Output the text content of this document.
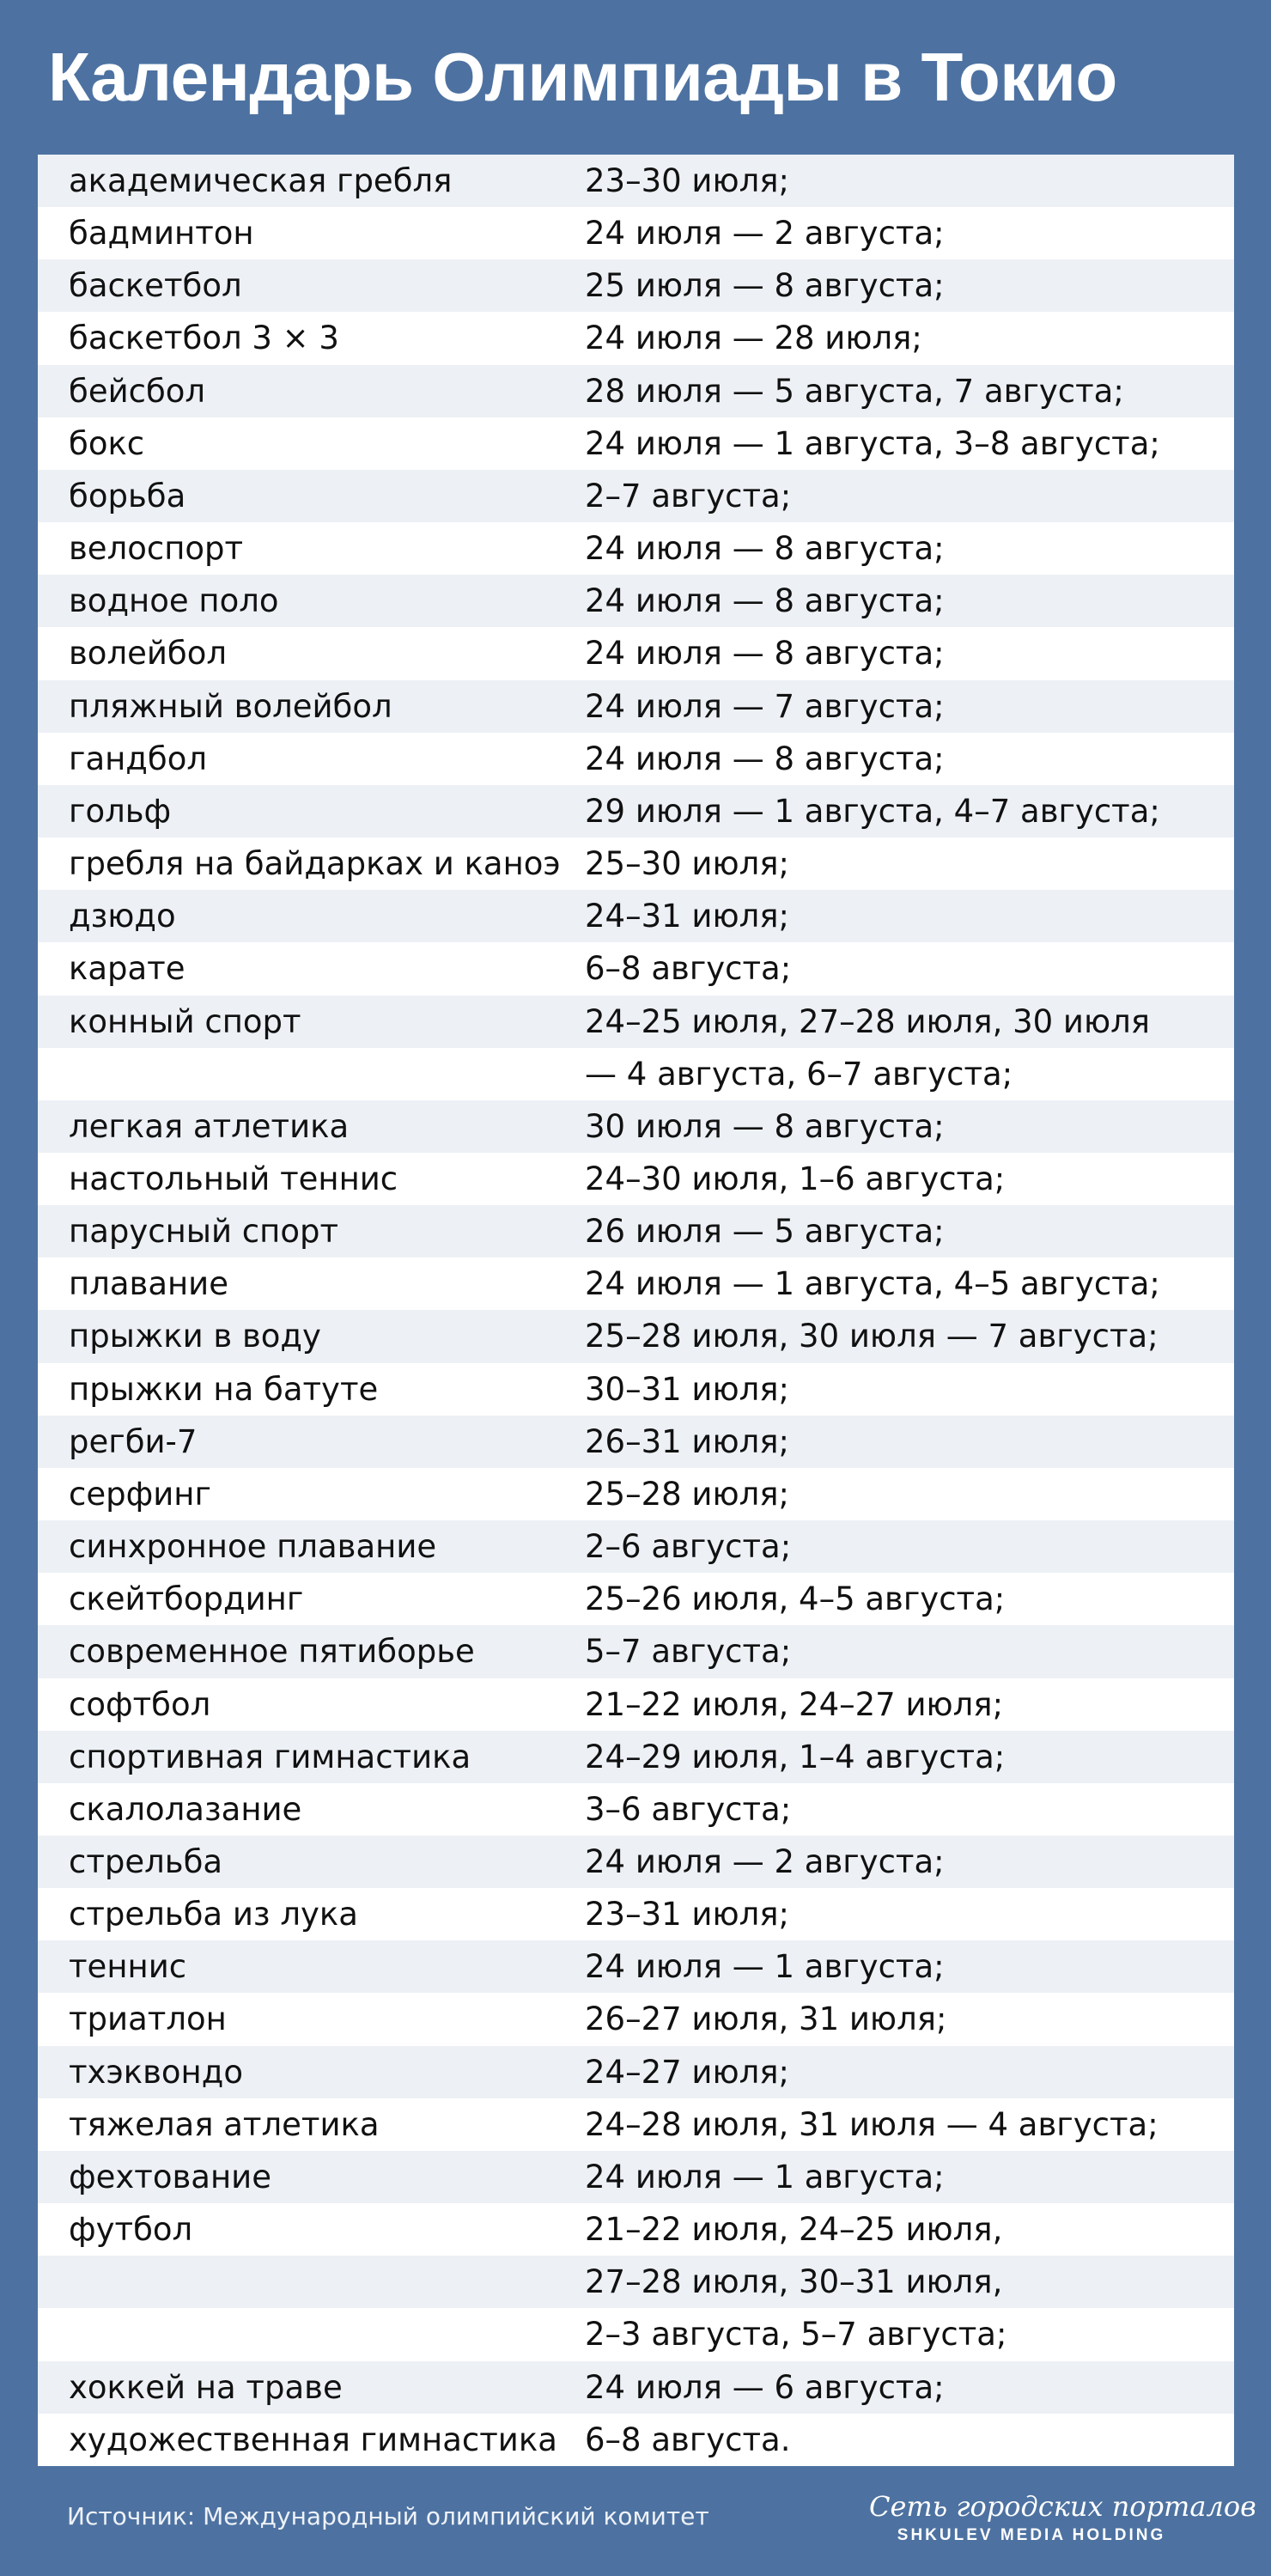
Календарь Олимпиады в Токио
академическая гребля	23–30 июля;
бадминтон	24 июля — 2 августа;
баскетбол	25 июля — 8 августа;
баскетбол 3 × 3	24 июля — 28 июля;
бейсбол	28 июля — 5 августа, 7 августа;
бокс	24 июля — 1 августа, 3–8 августа;
борьба	2–7 августа;
велоспорт	24 июля — 8 августа;
водное поло	24 июля — 8 августа;
волейбол	24 июля — 8 августа;
пляжный волейбол	24 июля — 7 августа;
гандбол	24 июля — 8 августа;
гольф	29 июля — 1 августа, 4–7 августа;
гребля на байдарках и каноэ 25–30 июля;
дзюдо	24–31 июля;
карате	6–8 августа;
конный спорт	24–25 июля, 27–28 июля, 30 июля
— 4 августа, 6–7 августа;
легкая атлетика	30 июля — 8 августа;
настольный теннис	24–30 июля, 1–6 августа;
парусный спорт	26 июля — 5 августа;
плавание	24 июля — 1 августа, 4–5 августа;
прыжки в воду	25–28 июля, 30 июля — 7 августа;
прыжки на батуте	30–31 июля;
регби-7	26–31 июля;
серфинг	25–28 июля;
синхронное плавание	2–6 августа;
скейтбординг	25–26 июля, 4–5 августа;
современное пятиборье	5–7 августа;
софтбол	21–22 июля, 24–27 июля;
спортивная гимнастика	24–29 июля, 1–4 августа;
скалолазание	3–6 августа;
стрельба	24 июля — 2 августа;
стрельба из лука	23–31 июля;
теннис	24 июля — 1 августа;
триатлон	26–27 июля, 31 июля;
тхэквондо	24–27 июля;
тяжелая атлетика	24–28 июля, 31 июля — 4 августа;
фехтование	24 июля — 1 августа;
футбол	21–22 июля, 24–25 июля,
27–28 июля, 30–31 июля,
2–3 августа, 5–7 августа;
хоккей на траве	24 июля — 6 августа;
художественная гимнастика 6–8 августа.
Источник: Международный олимпийский комитет	Сеть городских порталов
SHKULEV MEDIA HOLDING
